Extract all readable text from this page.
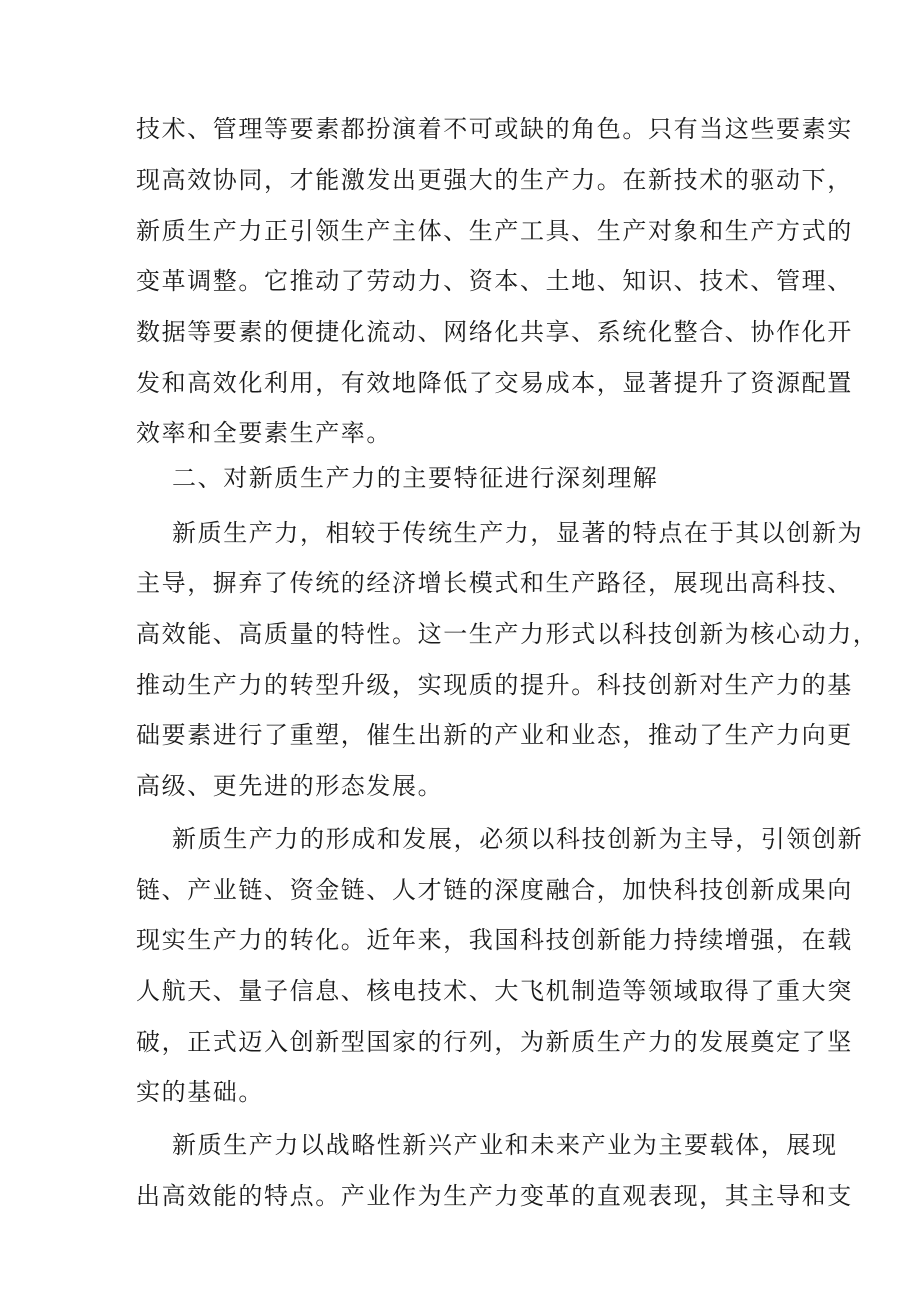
技术、管理等要素都扮演着不可或缺的角色。只有当这些要素实
现高效协同，才能激发出更强大的生产力。在新技术的驱动下，
新质生产力正引领生产主体、生产工具、生产对象和生产方式的
变革调整。它推动了劳动力、资本、土地、知识、技术、管理、
数据等要素的便捷化流动、网络化共享、系统化整合、协作化开
发和高效化利用，有效地降低了交易成本，显著提升了资源配置
效率和全要素生产率。
二、对新质生产力的主要特征进行深刻理解
新质生产力，相较于传统生产力，显著的特点在于其以创新为
主导，摒弃了传统的经济增长模式和生产路径，展现出高科技、
高效能、高质量的特性。这一生产力形式以科技创新为核心动力，
推动生产力的转型升级，实现质的提升。科技创新对生产力的基
础要素进行了重塑，催生出新的产业和业态，推动了生产力向更
高级、更先进的形态发展。
新质生产力的形成和发展，必须以科技创新为主导，引领创新
链、产业链、资金链、人才链的深度融合，加快科技创新成果向
现实生产力的转化。近年来，我国科技创新能力持续增强，在载
人航天、量子信息、核电技术、大飞机制造等领域取得了重大突
破，正式迈入创新型国家的行列，为新质生产力的发展奠定了坚
实的基础。
新质生产力以战略性新兴产业和未来产业为主要载体，展现
出高效能的特点。产业作为生产力变革的直观表现，其主导和支
